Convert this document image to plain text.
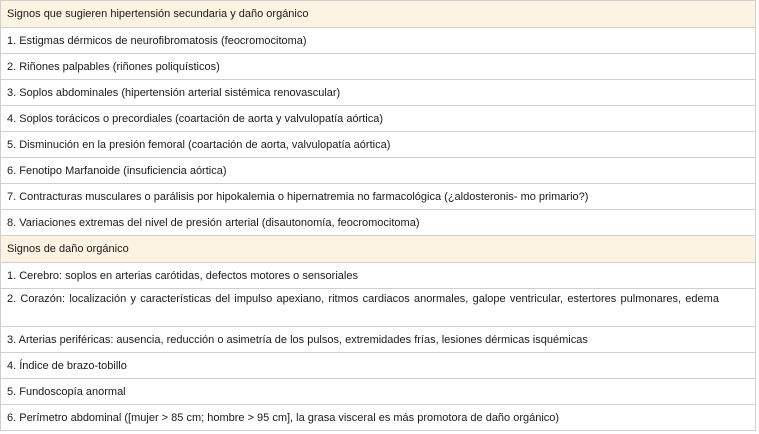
Signos que sugieren hipertensión secundaria y daño orgánico
1. Estigmas dérmicos de neurofibromatosis (feocromocitoma)
2. Riñones palpables (riñones poliquísticos)
3. Soplos abdominales (hipertensión arterial sistémica renovascular)
4. Soplos torácicos o precordiales (coartación de aorta y valvulopatía aórtica)
5. Disminución en la presión femoral (coartación de aorta, valvulopatía aórtica)
6. Fenotipo Marfanoide (insuficiencia aórtica)
7. Contracturas musculares o parálisis por hipokalemia o hipernatremia no farmacológica (¿aldosteronis- mo primario?)
8. Variaciones extremas del nivel de presión arterial (disautonomía, feocromocitoma)
Signos de daño orgánico
1. Cerebro: soplos en arterias carótidas, defectos motores o sensoriales
2. Corazón: localización y características del impulso apexiano, ritmos cardiacos anormales, galope ventricular, estertores pulmonares, edema
3. Arterias periféricas: ausencia, reducción o asimetría de los pulsos, extremidades frías, lesiones dérmicas isquémicas
4. Índice de brazo-tobillo
5. Fundoscopía anormal
6. Perímetro abdominal ([mujer > 85 cm; hombre > 95 cm], la grasa visceral es más promotora de daño orgánico)
